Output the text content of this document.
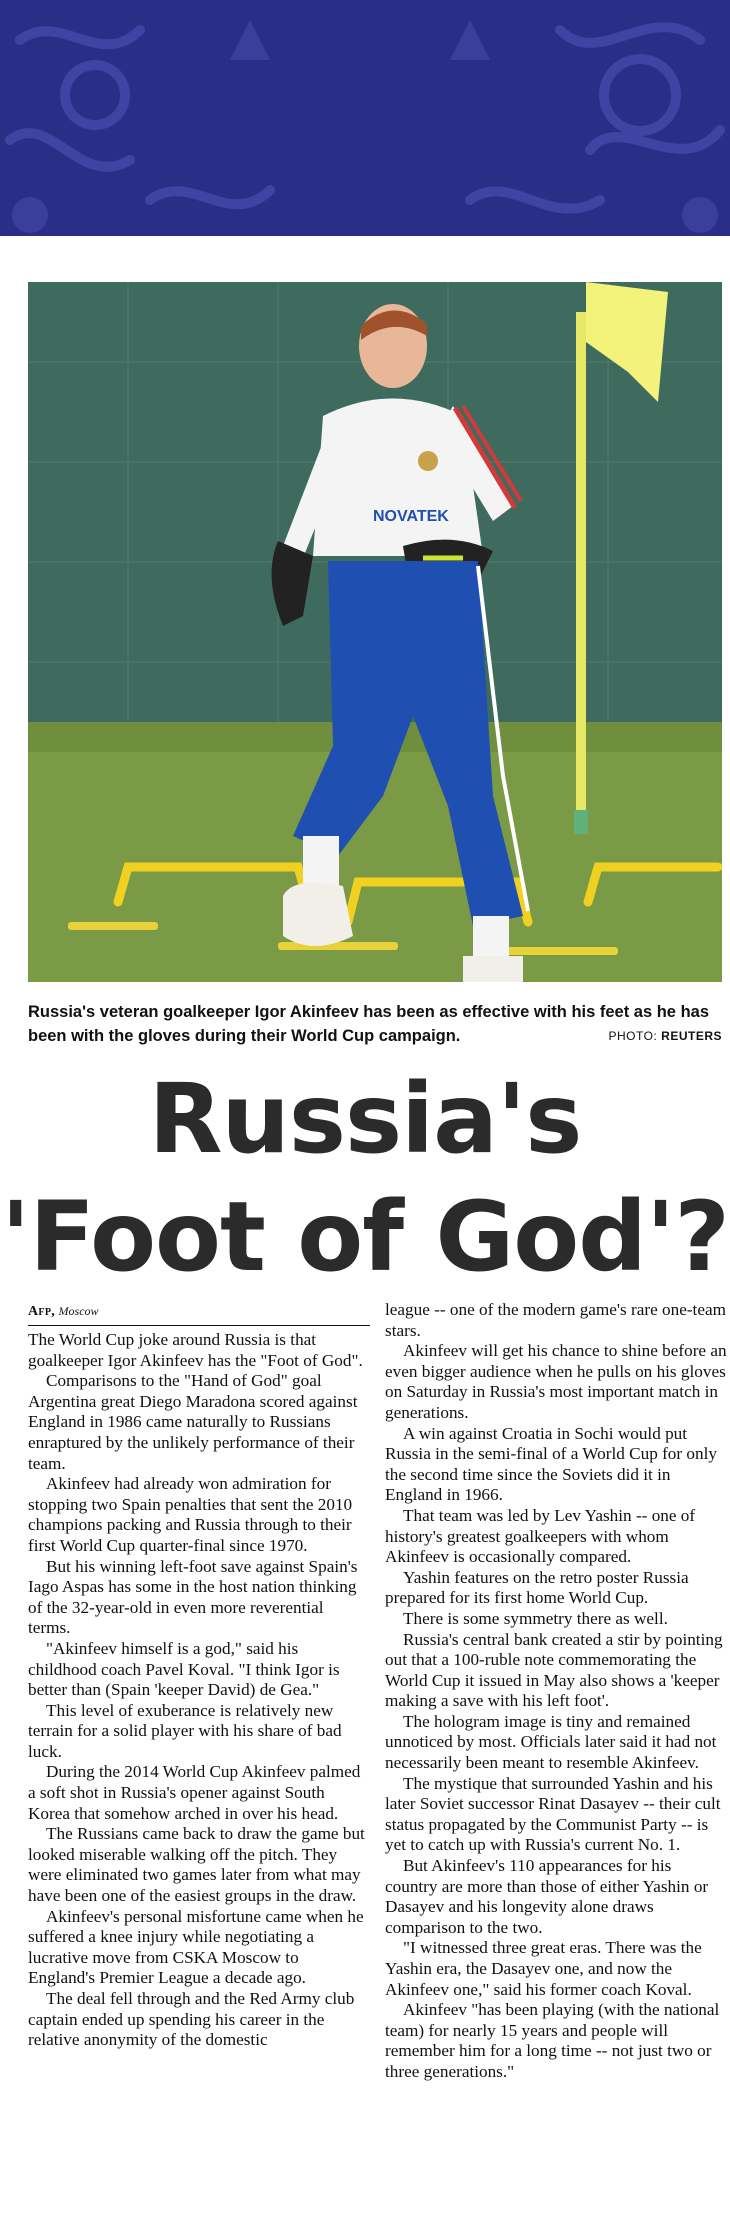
NOVATEK
Russia's veteran goalkeeper Igor Akinfeev has been as effective with his feet as he has been with the gloves during their World Cup campaign.	PHOTO: REUTERS
Russia's
'Foot of God'?
Afp, Moscow

The World Cup joke around Russia is that goalkeeper Igor Akinfeev has the "Foot of God".

Comparisons to the "Hand of God" goal Argentina great Diego Maradona scored against England in 1986 came naturally to Russians enraptured by the unlikely performance of their team.

Akinfeev had already won admiration for stopping two Spain penalties that sent the 2010 champions packing and Russia through to their first World Cup quarter-final since 1970.

But his winning left-foot save against Spain's Iago Aspas has some in the host nation thinking of the 32-year-old in even more reverential terms.

"Akinfeev himself is a god," said his childhood coach Pavel Koval. "I think Igor is better than (Spain 'keeper David) de Gea."

This level of exuberance is relatively new terrain for a solid player with his share of bad luck.

During the 2014 World Cup Akinfeev palmed a soft shot in Russia's opener against South Korea that somehow arched in over his head.

The Russians came back to draw the game but looked miserable walking off the pitch. They were eliminated two games later from what may have been one of the easiest groups in the draw.

Akinfeev's personal misfortune came when he suffered a knee injury while negotiating a lucrative move from CSKA Moscow to England's Premier League a decade ago.

The deal fell through and the Red Army club captain ended up spending his career in the relative anonymity of the domestic

league -- one of the modern game's rare one-team stars.

Akinfeev will get his chance to shine before an even bigger audience when he pulls on his gloves on Saturday in Russia's most important match in generations.

A win against Croatia in Sochi would put Russia in the semi-final of a World Cup for only the second time since the Soviets did it in England in 1966.

That team was led by Lev Yashin -- one of history's greatest goalkeepers with whom Akinfeev is occasionally compared.

Yashin features on the retro poster Russia prepared for its first home World Cup.

There is some symmetry there as well.

Russia's central bank created a stir by pointing out that a 100-ruble note commemorating the World Cup it issued in May also shows a 'keeper making a save with his left foot'.

The hologram image is tiny and remained unnoticed by most. Officials later said it had not necessarily been meant to resemble Akinfeev.

The mystique that surrounded Yashin and his later Soviet successor Rinat Dasayev -- their cult status propagated by the Communist Party -- is yet to catch up with Russia's current No. 1.

But Akinfeev's 110 appearances for his country are more than those of either Yashin or Dasayev and his longevity alone draws comparison to the two.

"I witnessed three great eras. There was the Yashin era, the Dasayev one, and now the Akinfeev one," said his former coach Koval.

Akinfeev "has been playing (with the national team) for nearly 15 years and people will remember him for a long time -- not just two or three generations."
